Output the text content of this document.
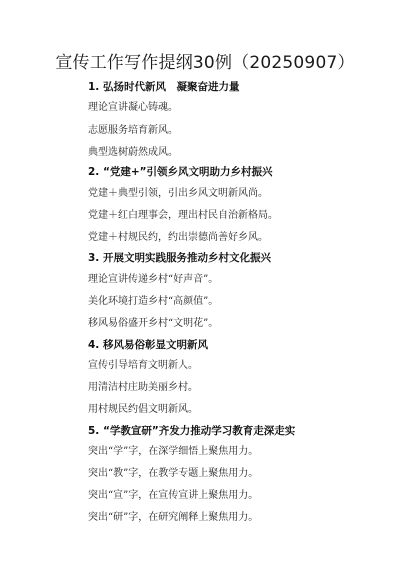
宣传工作写作提纲30例（20250907）
1. 弘扬时代新风　凝聚奋进力量
理论宣讲凝心铸魂。
志愿服务培育新风。
典型选树蔚然成风。
2. “党建+”引领乡风文明助力乡村振兴
党建＋典型引领，引出乡风文明新风尚。
党建＋红白理事会，理出村民自治新格局。
党建＋村规民约，约出崇德尚善好乡风。
3. 开展文明实践服务推动乡村文化振兴
理论宣讲传递乡村“好声音”。
美化环境打造乡村“高颜值”。
移风易俗盛开乡村“文明花”。
4. 移风易俗彰显文明新风
宣传引导培育文明新人。
用清洁村庄助美丽乡村。
用村规民约倡文明新风。
5. “学教宣研”齐发力推动学习教育走深走实
突出“学”字，在深学细悟上聚焦用力。
突出“教”字，在教学专题上聚焦用力。
突出“宣”字，在宣传宣讲上聚焦用力。
突出“研”字，在研究阐释上聚焦用力。
